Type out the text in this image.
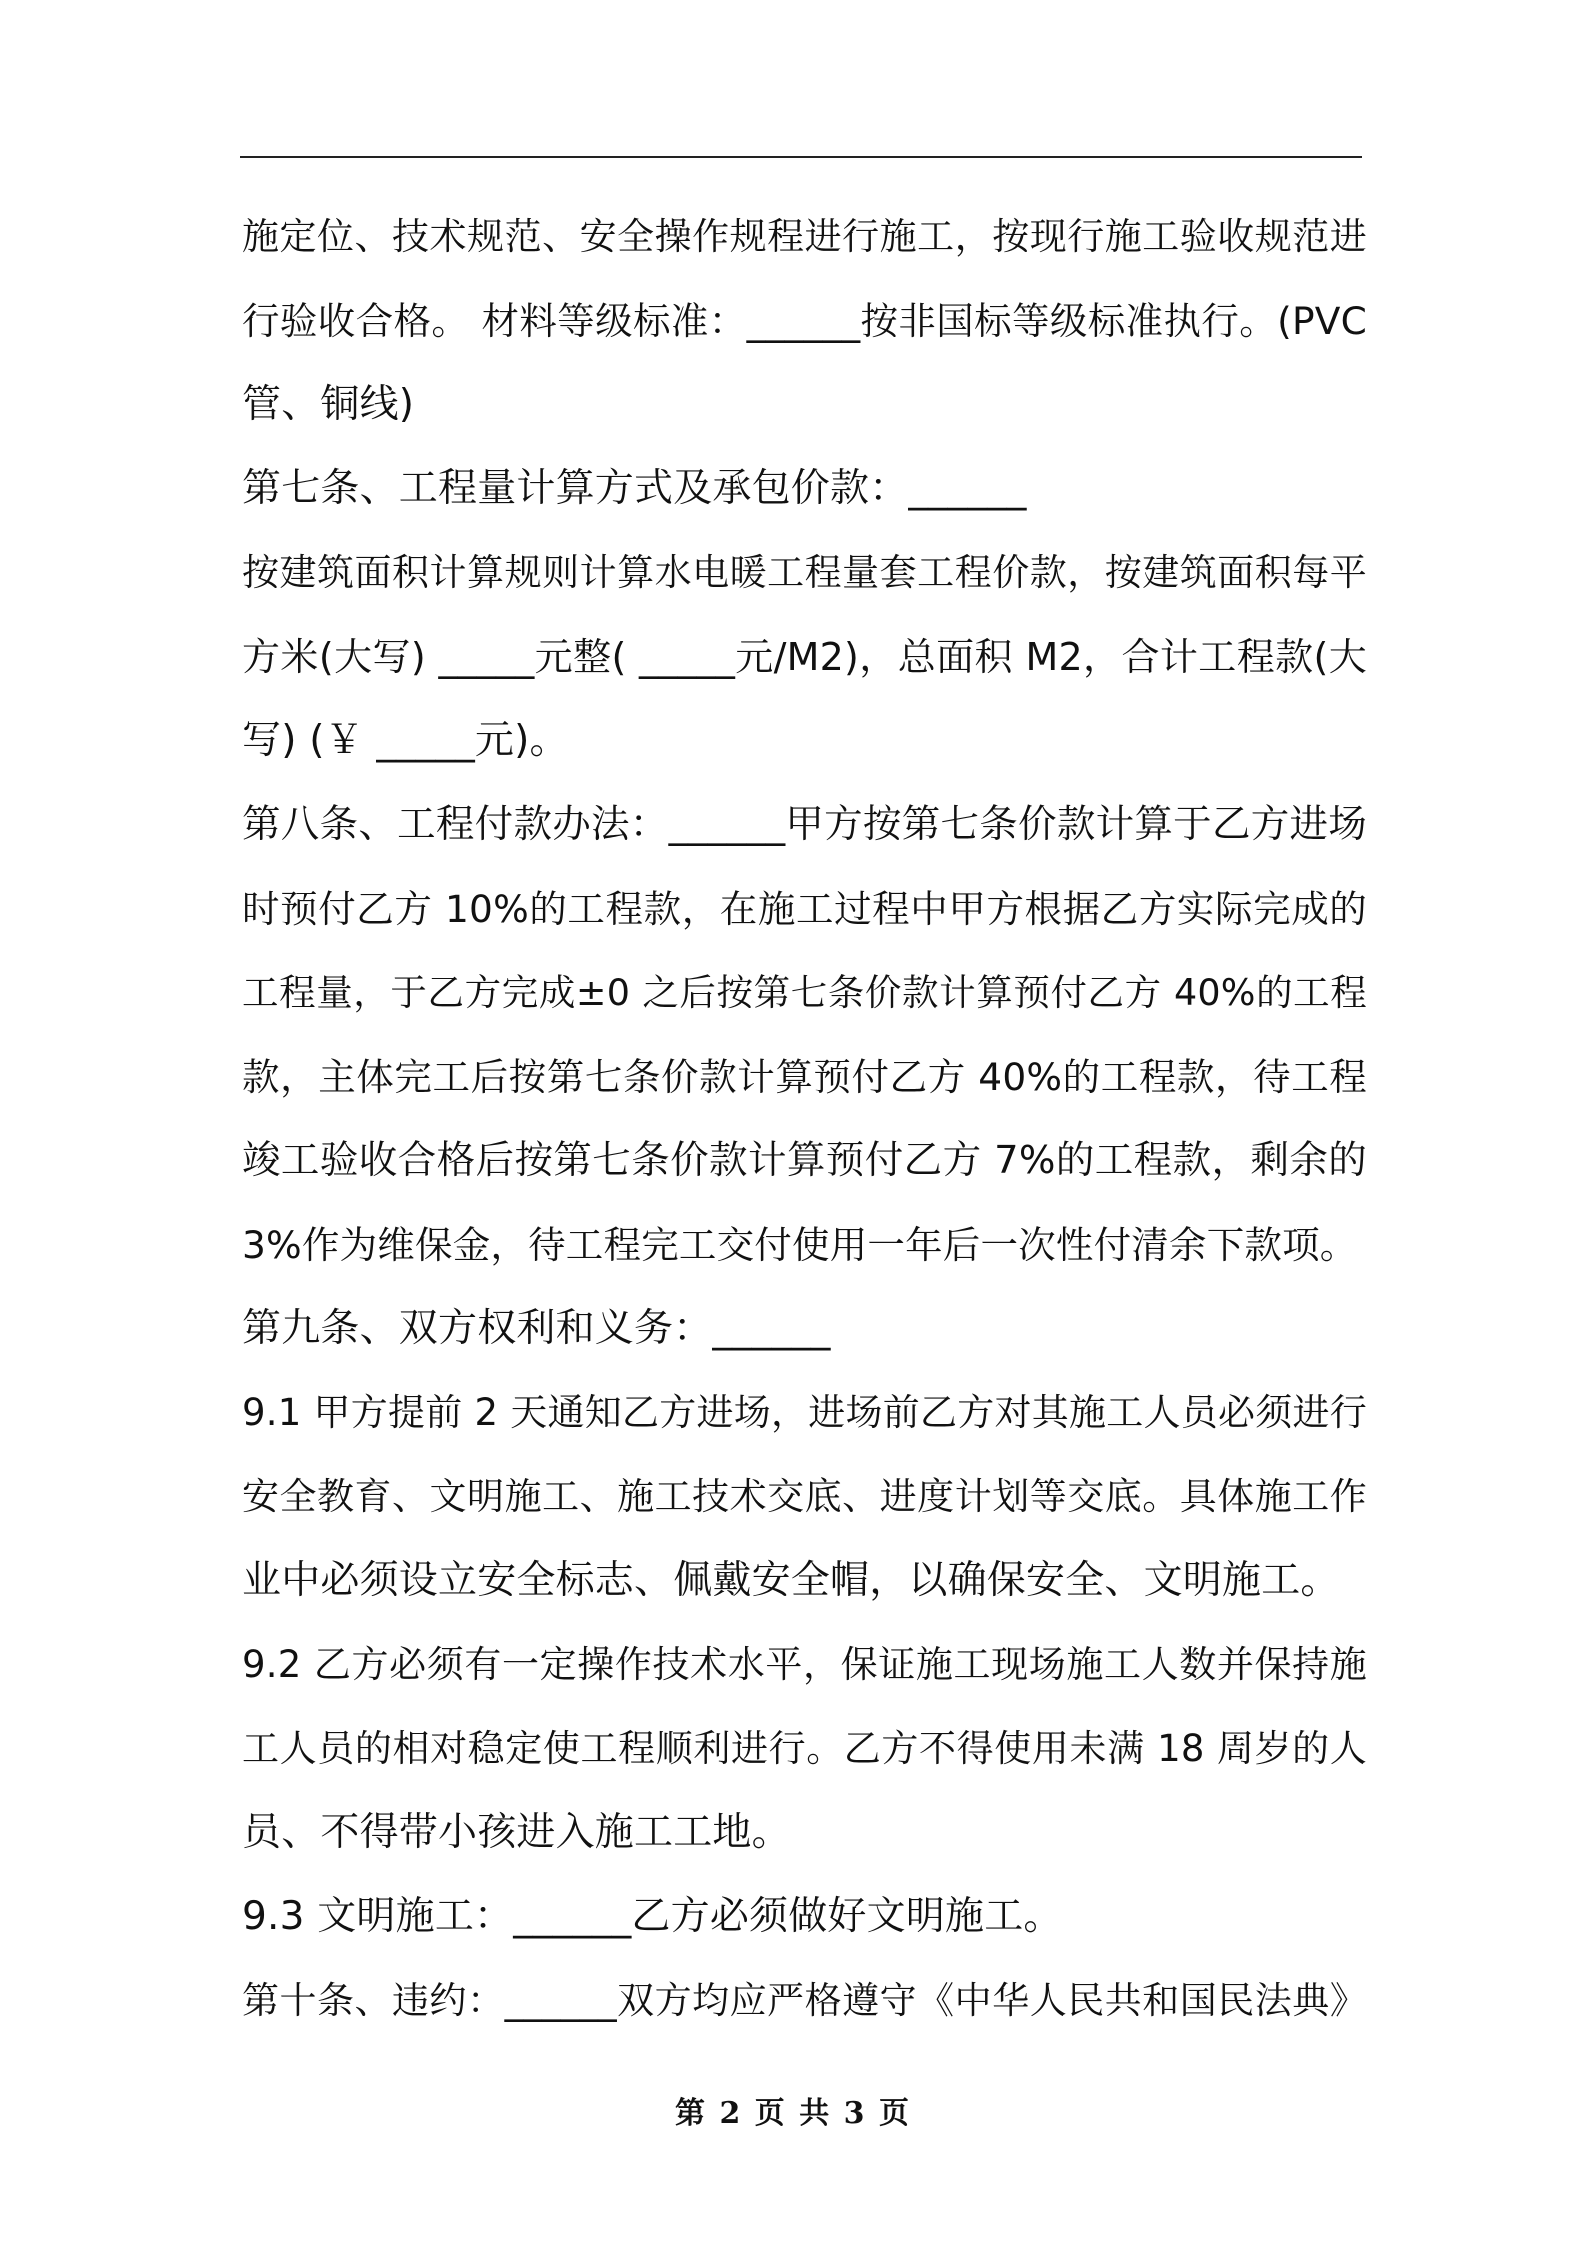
施定位、技术规范、安全操作规程进行施工，按现行施工验收规范进
行验收合格。 材料等级标准：______按非国标等级标准执行。(PVC
管、铜线)
第七条、工程量计算方式及承包价款：______
按建筑面积计算规则计算水电暖工程量套工程价款，按建筑面积每平
方米(大写) _____元整( _____元/M2)，总面积 M2，合计工程款(大
写) (￥ _____元)。
第八条、工程付款办法：______甲方按第七条价款计算于乙方进场
时预付乙方 10%的工程款，在施工过程中甲方根据乙方实际完成的
工程量，于乙方完成±0 之后按第七条价款计算预付乙方 40%的工程
款，主体完工后按第七条价款计算预付乙方 40%的工程款，待工程
竣工验收合格后按第七条价款计算预付乙方 7%的工程款，剩余的
3%作为维保金，待工程完工交付使用一年后一次性付清余下款项。
第九条、双方权利和义务：______
9.1 甲方提前 2 天通知乙方进场，进场前乙方对其施工人员必须进行
安全教育、文明施工、施工技术交底、进度计划等交底。具体施工作
业中必须设立安全标志、佩戴安全帽，以确保安全、文明施工。
9.2 乙方必须有一定操作技术水平，保证施工现场施工人数并保持施
工人员的相对稳定使工程顺利进行。乙方不得使用未满 18 周岁的人
员、不得带小孩进入施工工地。
9.3 文明施工：______乙方必须做好文明施工。
第十条、违约：______双方均应严格遵守《中华人民共和国民法典》
第 2 页 共 3 页
